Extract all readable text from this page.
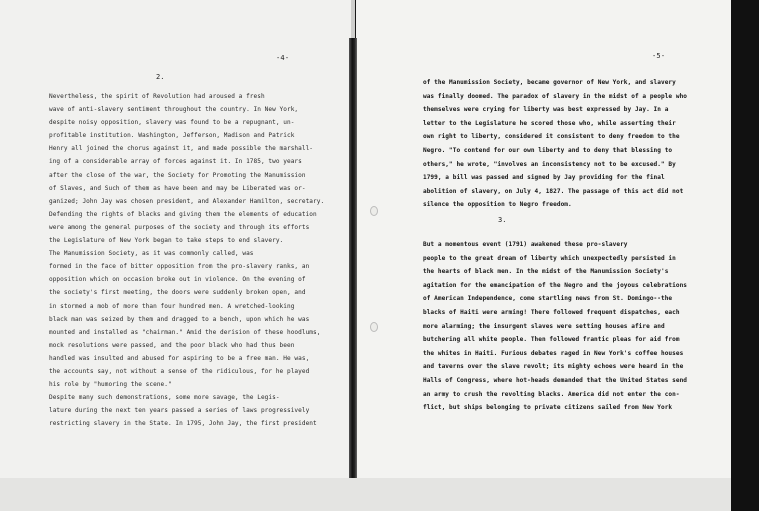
-4-
2.
Nevertheless, the spirit of Revolution had aroused a fresh
wave of anti-slavery sentiment throughout the country. In New York,
despite noisy opposition, slavery was found to be a repugnant, un-
profitable institution. Washington, Jefferson, Madison and Patrick
Henry all joined the chorus against it, and made possible the marshall-
ing of a considerable array of forces against it. In 1785, two years
after the close of the war, the Society for Promoting the Manumission
of Slaves, and Such of them as have been and may be Liberated was or-
ganized; John Jay was chosen president, and Alexander Hamilton, secretary.
Defending the rights of blacks and giving them the elements of education
were among the general purposes of the society and through its efforts
the Legislature of New York began to take steps to end slavery.
The Manumission Society, as it was commonly called, was
formed in the face of bitter opposition from the pro-slavery ranks, an
opposition which on occasion broke out in violence. On the evening of
the society's first meeting, the doors were suddenly broken open, and
in stormed a mob of more than four hundred men. A wretched-looking
black man was seized by them and dragged to a bench, upon which he was
mounted and installed as "chairman." Amid the derision of these hoodlums,
mock resolutions were passed, and the poor black who had thus been
handled was insulted and abused for aspiring to be a free man. He was,
the accounts say, not without a sense of the ridiculous, for he played
his role by "humoring the scene."
Despite many such demonstrations, some more savage, the Legis-
lature during the next ten years passed a series of laws progressively
restricting slavery in the State. In 1795, John Jay, the first president
-5-
of the Manumission Society, became governor of New York, and slavery
was finally doomed. The paradox of slavery in the midst of a people who
themselves were crying for liberty was best expressed by Jay. In a
letter to the Legislature he scored those who, while asserting their
own right to liberty, considered it consistent to deny freedom to the
Negro. "To contend for our own liberty and to deny that blessing to
others," he wrote, "involves an inconsistency not to be excused." By
1799, a bill was passed and signed by Jay providing for the final
abolition of slavery, on July 4, 1827. The passage of this act did not
silence the opposition to Negro freedom.
3.
But a momentous event (1791) awakened these pro-slavery
people to the great dream of liberty which unexpectedly persisted in
the hearts of black men. In the midst of the Manumission Society's
agitation for the emancipation of the Negro and the joyous celebrations
of American Independence, come startling news from St. Domingo--the
blacks of Haiti were arming! There followed frequent dispatches, each
more alarming; the insurgent slaves were setting houses afire and
butchering all white people. Then followed frantic pleas for aid from
the whites in Haiti. Furious debates raged in New York's coffee houses
and taverns over the slave revolt; its mighty echoes were heard in the
Halls of Congress, where hot-heads demanded that the United States send
an army to crush the revolting blacks. America did not enter the con-
flict, but ships belonging to private citizens sailed from New York
